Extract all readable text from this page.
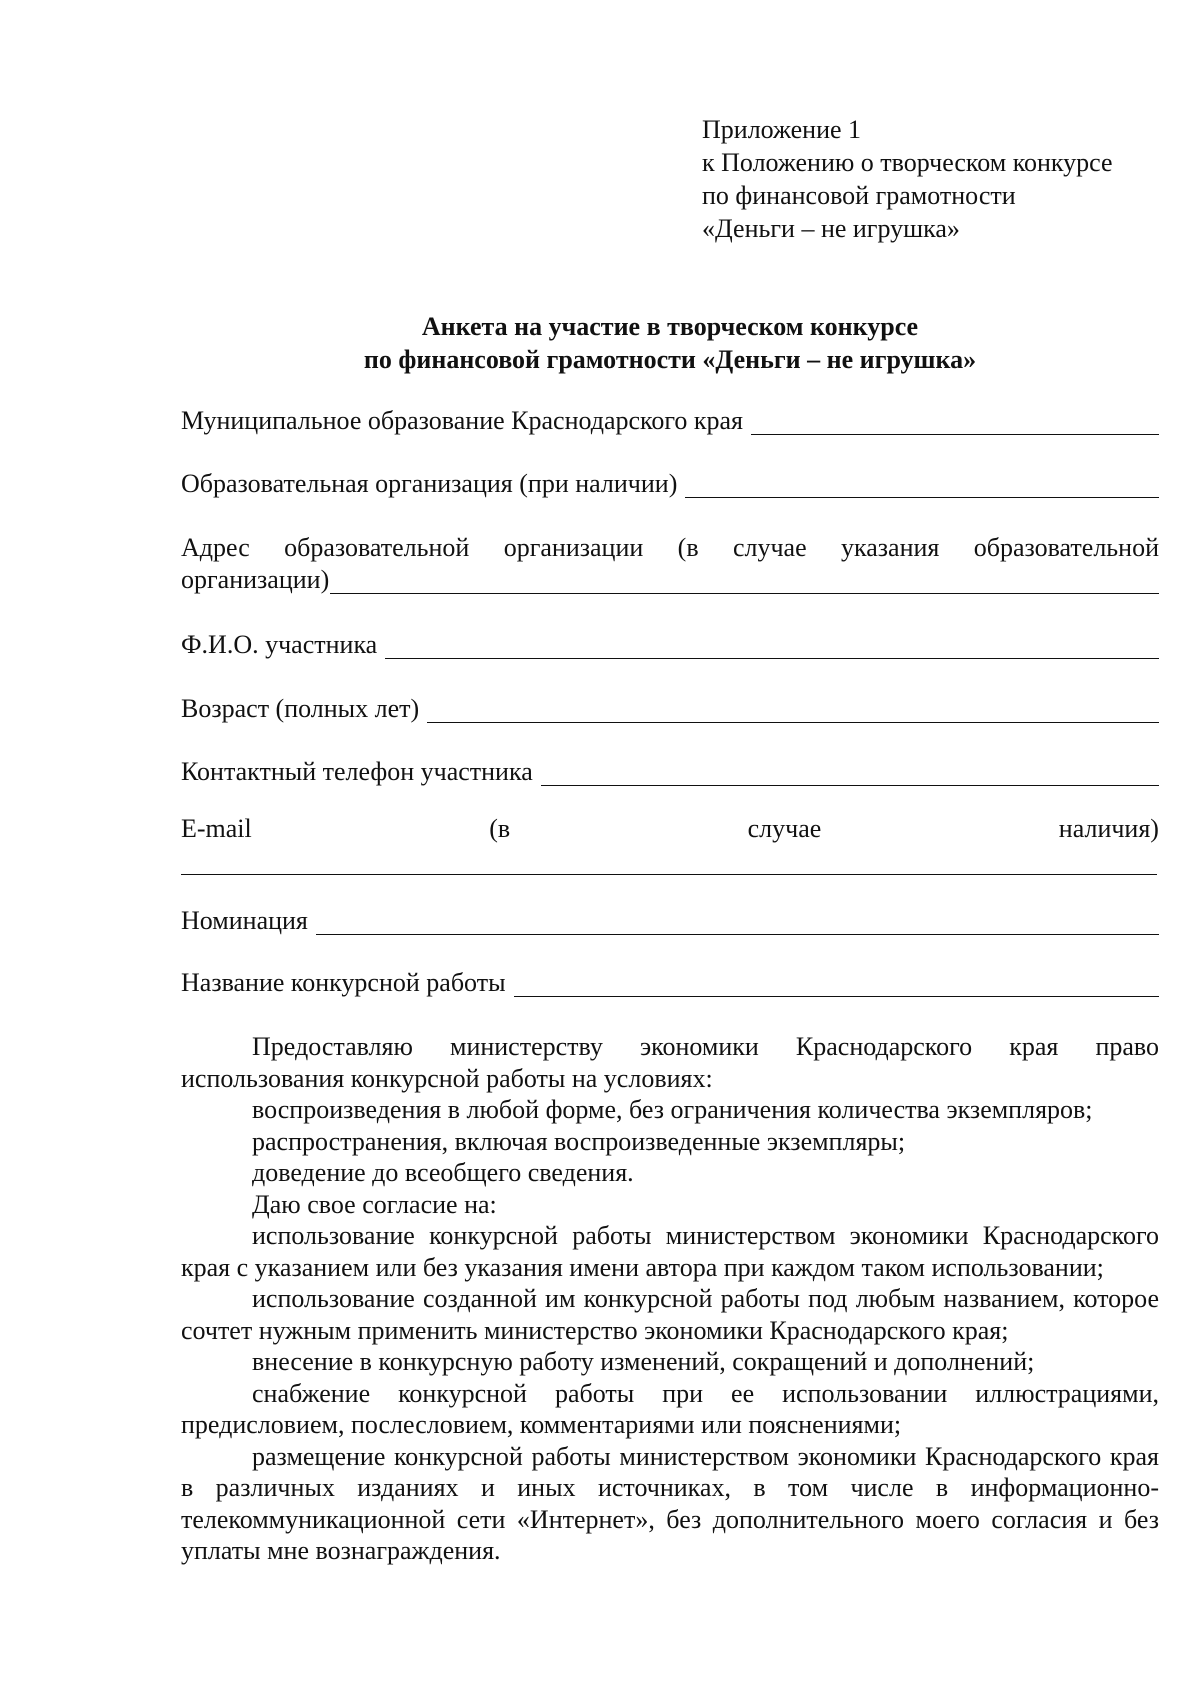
Приложение 1
к Положению о творческом конкурсе
по финансовой грамотности
«Деньги – не игрушка»
Анкета на участие в творческом конкурсе
по финансовой грамотности «Деньги – не игрушка»
Муниципальное образование Краснодарского края
Образовательная организация (при наличии)
Адрес образовательной организации (в случае указания образовательной
организации)
Ф.И.О. участника
Возраст (полных лет)
Контактный телефон участника
E-mail	(в	случае	наличия)
Номинация
Название конкурсной работы

Предоставляю министерству экономики Краснодарского края право использования конкурсной работы на условиях:

воспроизведения в любой форме, без ограничения количества экземпляров;

распространения, включая воспроизведенные экземпляры;

доведение до всеобщего сведения.

Даю свое согласие на:

использование конкурсной работы министерством экономики Краснодарского края с указанием или без указания имени автора при каждом таком использовании;

использование созданной им конкурсной работы под любым названием, которое сочтет нужным применить министерство экономики Краснодарского края;

внесение в конкурсную работу изменений, сокращений и дополнений;

снабжение конкурсной работы при ее использовании иллюстрациями, предисловием, послесловием, комментариями или пояснениями;

размещение конкурсной работы министерством экономики Краснодарского края в различных изданиях и иных источниках, в том числе в информационно-телекоммуникационной сети «Интернет», без дополнительного моего согласия и без уплаты мне вознаграждения.
